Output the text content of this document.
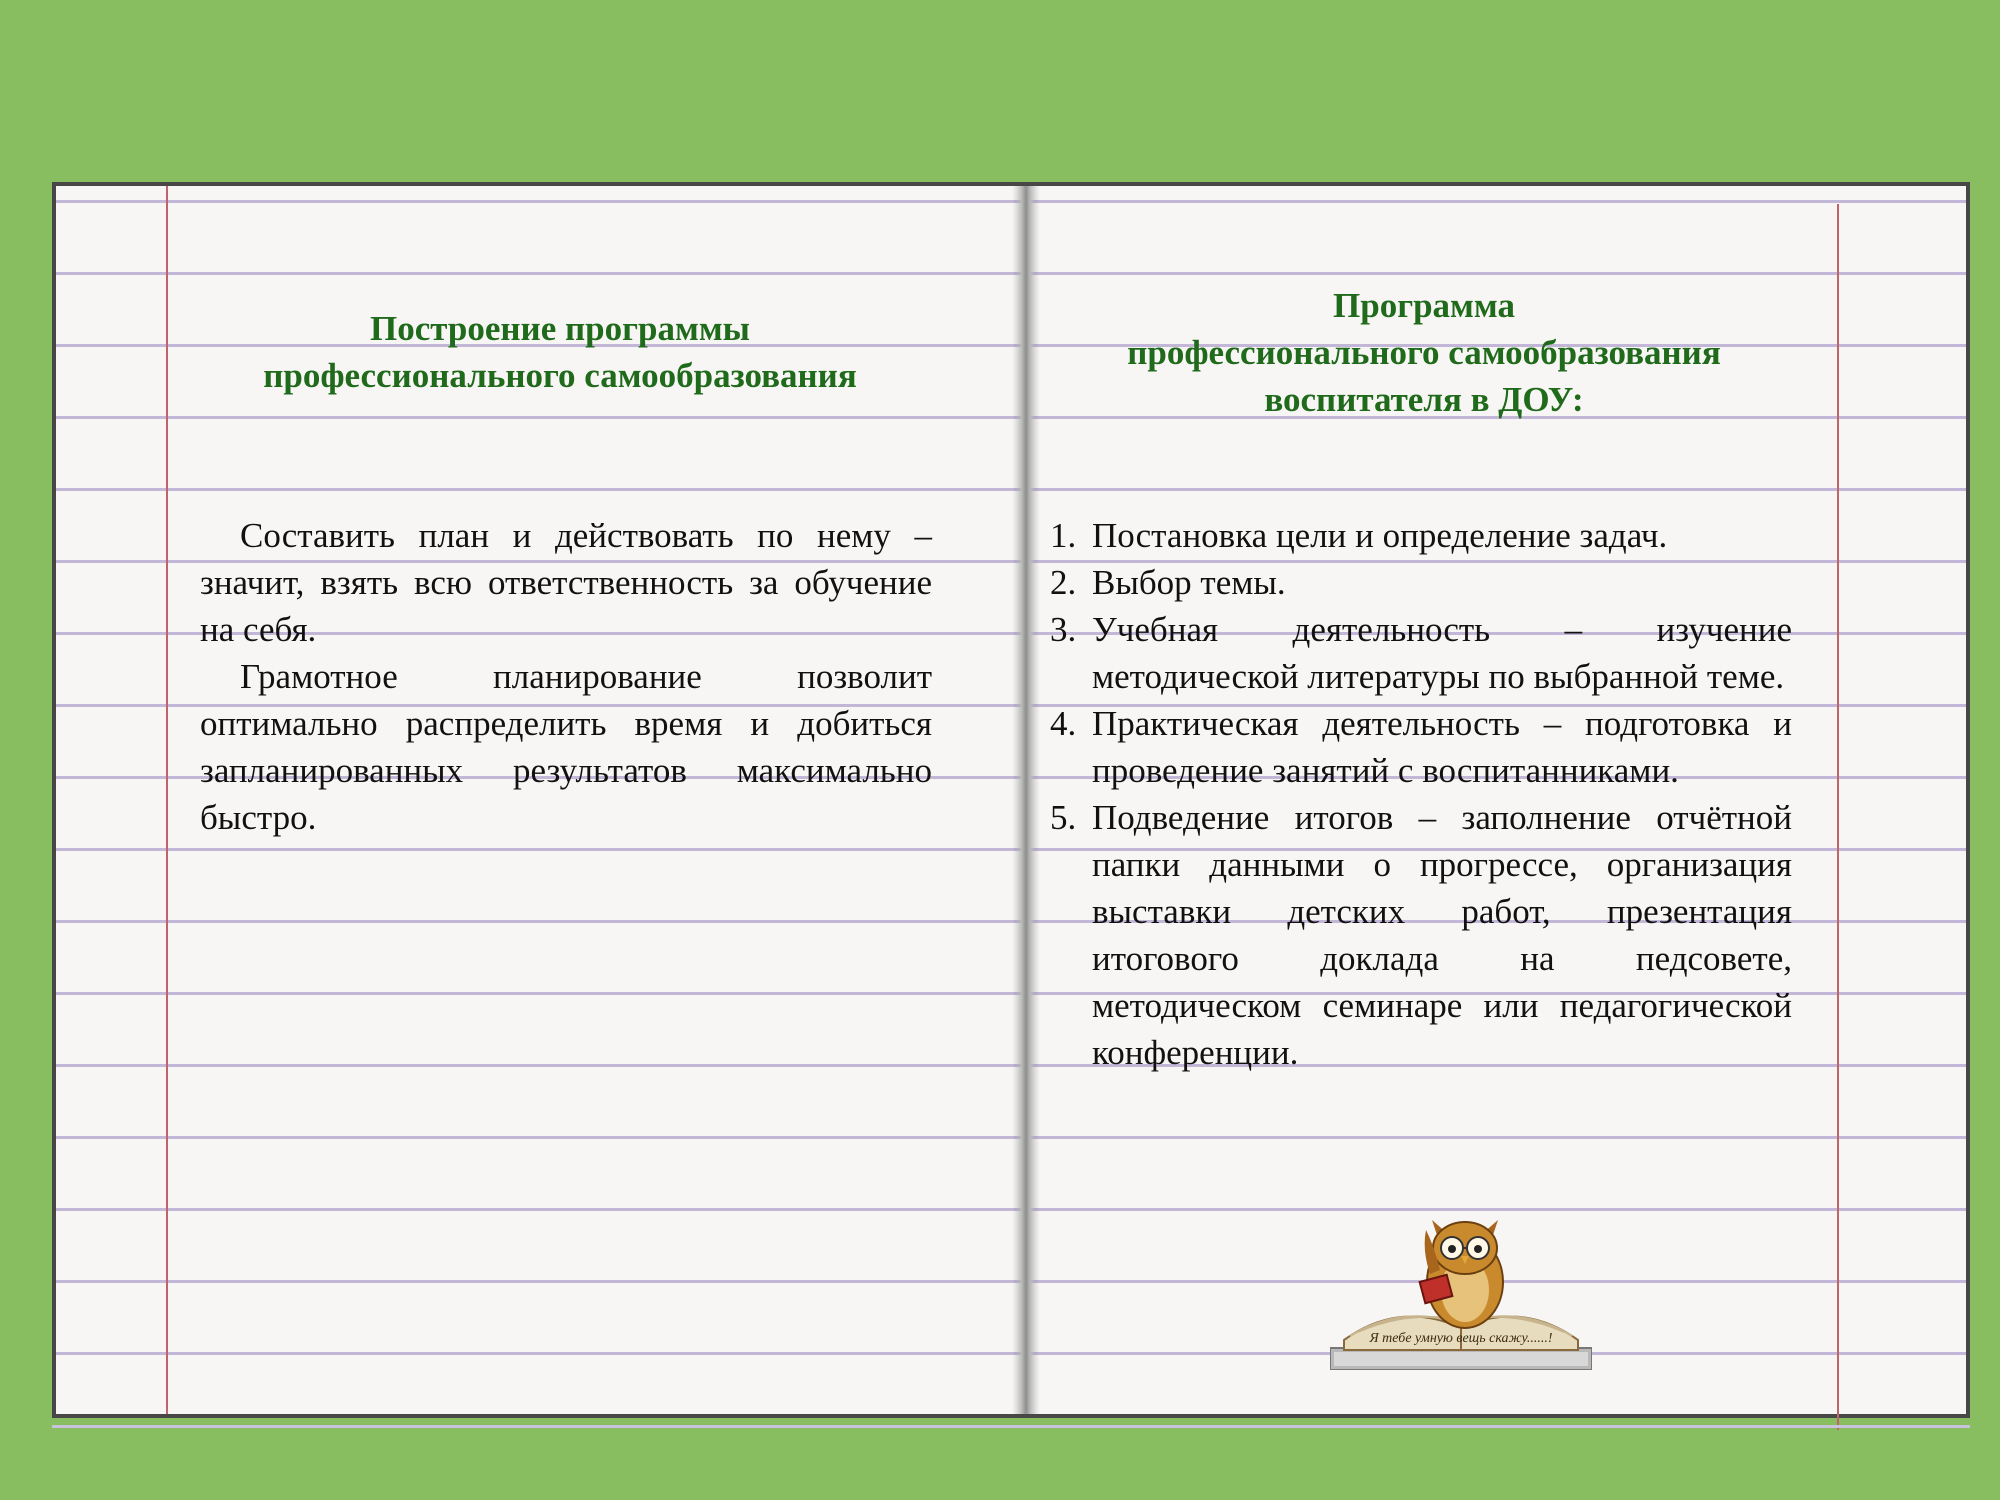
Построение программы
профессионального самообразования

Составить план и действовать по нему – значит, взять всю ответственность за обучение на себя.

Грамотное планирование позволит оптимально распределить время и добиться запланированных результатов максимально быстро.

Программа
профессионального самообразования
воспитателя в ДОУ:
1. Постановка цели и определение задач.
2. Выбор темы.
3. Учебная деятельность – изучение методической литературы по выбранной теме.
4. Практическая деятельность – подготовка и проведение занятий с воспитанниками.
5. Подведение итогов – заполнение отчётной папки данными о прогрессе, организация выставки детских работ, презентация итогового доклада на педсовете, методическом семинаре или педагогической конференции.
Я тебе умную вещь скажу......!
